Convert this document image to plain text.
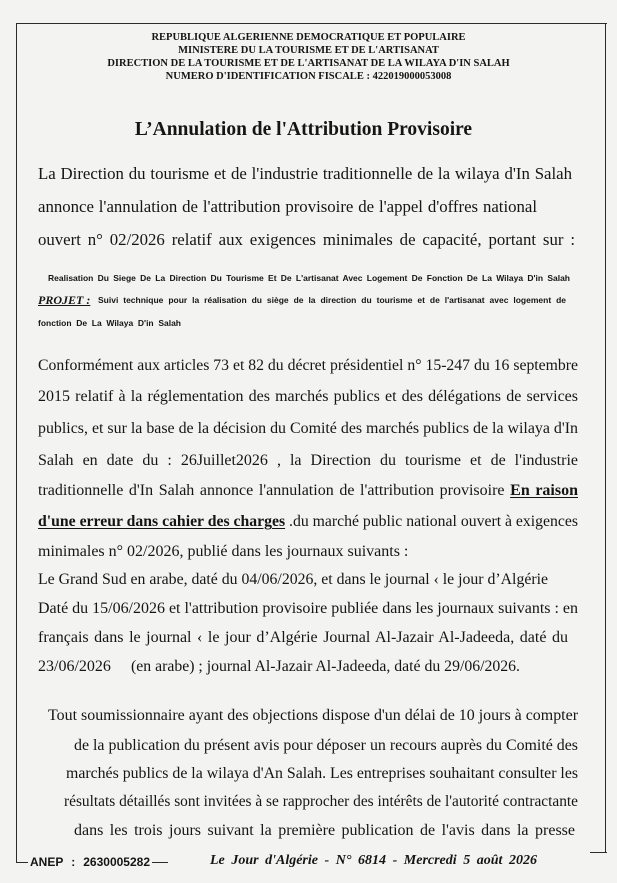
REPUBLIQUE ALGERIENNE DEMOCRATIQUE ET POPULAIRE
MINISTERE DU LA TOURISME ET DE L'ARTISANAT
DIRECTION DE LA TOURISME ET DE L'ARTISANAT DE LA WILAYA D'IN SALAH
NUMERO D'IDENTIFICATION FISCALE : 422019000053008
L’Annulation de l'Attribution Provisoire
La Direction du tourisme et de l'industrie traditionnelle de la wilaya d'In Salah
annonce l'annulation de l'attribution provisoire de l'appel d'offres national
ouvert n° 02/2026 relatif aux exigences minimales de capacité, portant sur :
Realisation Du Siege De La Direction Du Tourisme Et De L'artisanat Avec Logement De Fonction De La Wilaya D'in Salah
PROJET : Suivi technique pour la réalisation du siège de la direction du tourisme et de l'artisanat avec logement de
fonction De La Wilaya D'in Salah
Conformément aux articles 73 et 82 du décret présidentiel n° 15-247 du 16 septembre
2015 relatif à la réglementation des marchés publics et des délégations de services
publics, et sur la base de la décision du Comité des marchés publics de la wilaya d'In
Salah en date du : 26Juillet2026 , la Direction du tourisme et de l'industrie
traditionnelle d'In Salah annonce l'annulation de l'attribution provisoire En raison
d'une erreur dans cahier des charges .du marché public national ouvert à exigences
minimales n° 02/2026, publié dans les journaux suivants :
Le Grand Sud en arabe, daté du 04/06/2026, et dans le journal ‹ le jour d’Algérie
Daté du 15/06/2026 et l'attribution provisoire publiée dans les journaux suivants : en
français dans le journal ‹ le jour d’Algérie Journal Al-Jazair Al-Jadeeda, daté du
23/06/2026 (en arabe) ; journal Al-Jazair Al-Jadeeda, daté du 29/06/2026.
Tout soumissionnaire ayant des objections dispose d'un délai de 10 jours à compter
de la publication du présent avis pour déposer un recours auprès du Comité des
marchés publics de la wilaya d'An Salah. Les entreprises souhaitant consulter les
résultats détaillés sont invitées à se rapprocher des intérêts de l'autorité contractante
dans les trois jours suivant la première publication de l'avis dans la presse
ANEP : 2630005282	Le Jour d'Algérie - N° 6814 - Mercredi 5 août 2026
